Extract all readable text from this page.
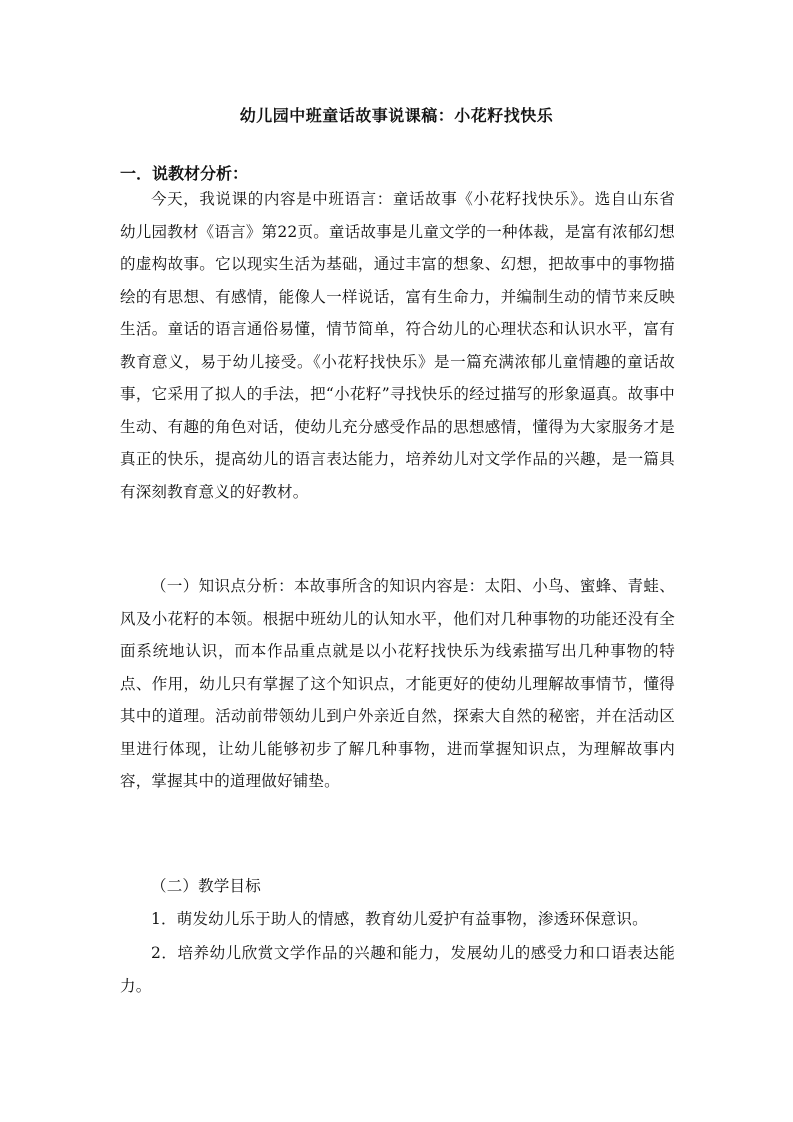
幼儿园中班童话故事说课稿：小花籽找快乐
一．说教材分析：

今天，我说课的内容是中班语言：童话故事《小花籽找快乐》。选自山东省幼儿园教材《语言》第22页。童话故事是儿童文学的一种体裁，是富有浓郁幻想的虚构故事。它以现实生活为基础，通过丰富的想象、幻想，把故事中的事物描绘的有思想、有感情，能像人一样说话，富有生命力，并编制生动的情节来反映生活。童话的语言通俗易懂，情节简单，符合幼儿的心理状态和认识水平，富有教育意义，易于幼儿接受。《小花籽找快乐》是一篇充满浓郁儿童情趣的童话故事，它采用了拟人的手法，把“小花籽”寻找快乐的经过描写的形象逼真。故事中生动、有趣的角色对话，使幼儿充分感受作品的思想感情，懂得为大家服务才是真正的快乐，提高幼儿的语言表达能力，培养幼儿对文学作品的兴趣，是一篇具有深刻教育意义的好教材。

（一）知识点分析：本故事所含的知识内容是：太阳、小鸟、蜜蜂、青蛙、风及小花籽的本领。根据中班幼儿的认知水平，他们对几种事物的功能还没有全面系统地认识，而本作品重点就是以小花籽找快乐为线索描写出几种事物的特点、作用，幼儿只有掌握了这个知识点，才能更好的使幼儿理解故事情节，懂得其中的道理。活动前带领幼儿到户外亲近自然，探索大自然的秘密，并在活动区里进行体现，让幼儿能够初步了解几种事物，进而掌握知识点，为理解故事内容，掌握其中的道理做好铺垫。

（二）教学目标

1．萌发幼儿乐于助人的情感，教育幼儿爱护有益事物，渗透环保意识。

2．培养幼儿欣赏文学作品的兴趣和能力，发展幼儿的感受力和口语表达能力。
